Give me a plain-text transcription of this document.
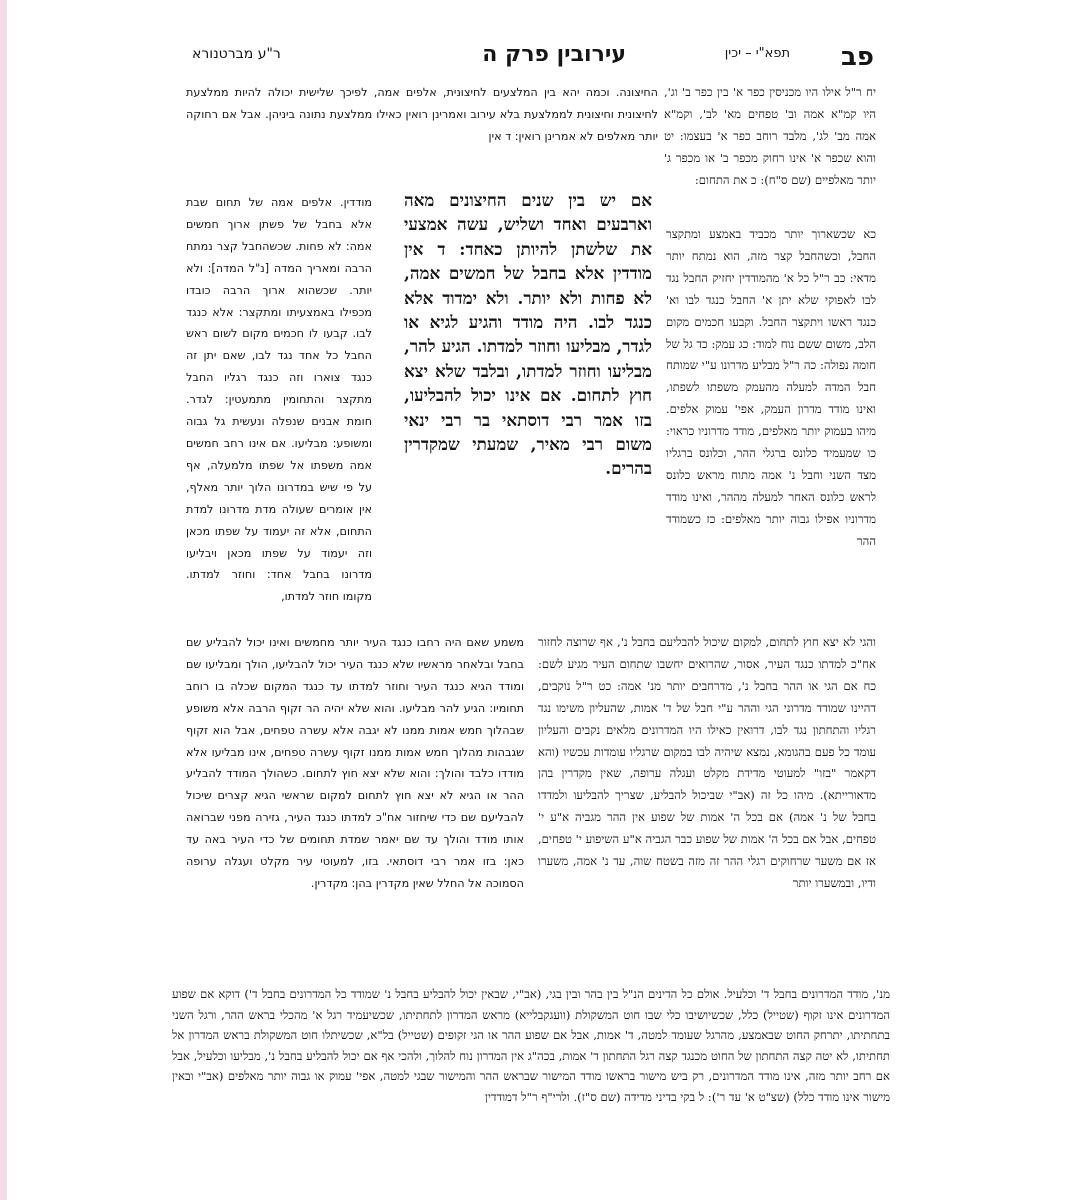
פב
תפא"י – יכין
עירובין פרק ה
ר"ע מברטנורא
יח ר"ל אילו היו מכניסין כפר א' בין כפר ב' וג', היו קמ"א אמה וב' טפחים מא' לב', וקמ"א אמה מב' לג', מלבד רוחב כפר א' בעצמו: יט והוא שכפר א' אינו רחוק מכפר ב' או מכפר ג' יותר מאלפיים (שם ס"ח): כ את התחום:
כא שכשארוך יותר מכביד באמצע ומתקצר החבל, וכשהחבל קצר מזה, הוא נמתח יותר מדאי: כב ר"ל כל א' מהמודדין יחזיק החבל נגד לבו לאפוקי שלא יתן א' החבל כנגד לבו וא' כנגד ראשו ויתקצר החבל. וקבעו חכמים מקום הלב, משום ששם נוח למוד: כג עמק: כד גל של חומה נפולה: כה ר"ל מבליע מדרונו ע"י שמותח חבל המדה למעלה מהעמק משפתו לשפתו, ואינו מודד מדרון העמק, אפי' עמוק אלפים. מיהו בעמוק יותר מאלפים, מודד מדרוניו כראוי: כו שמעמיד כלונס ברגלי ההר, וכלונס ברגליו מצד השני וחבל נ' אמה מתוח מראש כלונס לראש כלונס האחר למעלה מההר, ואינו מודד מדרוניו אפילו גבוה יותר מאלפים: כז כשמודד ההר
אם יש בין שנים החיצונים מאה וארבעים ואחד ושליש, עשה אמצעי את שלשתן להיותן כאחד: ד אין מודדין אלא בחבל של חמשים אמה, לא פחות ולא יותר. ולא ימדוד אלא כנגד לבו. היה מודד והגיע לגיא או לגדר, מבליעו וחוזר למדתו. הגיע להר, מבליעו וחוזר למדתו, ובלבד שלא יצא חוץ לתחום. אם אינו יכול להבליעו, בזו אמר רבי דוסתאי בר רבי ינאי משום רבי מאיר, שמעתי שמקדרין בהרים.
החיצונה. וכמה יהא בין המלצעים לחיצונית, אלפים אמה, לפיכך שלישית יכולה להיות ממלצעת לחיצונית וחיצונית לממלצעת בלא עירוב ואמרינן רואין כאילו ממלצעת נתונה ביניהן. אבל אם רחוקה יותר מאלפים לא אמרינן רואין: ד אין
מודדין. אלפים אמה של תחום שבת אלא בחבל של פשתן ארוך חמשים אמה: לא פחות. שכשהחבל קצר נמתח הרבה ומאריך המדה [נ"ל המדה]: ולא יותר. שכשהוא ארוך הרבה כובדו מכפילו באמצעיתו ומתקצר: אלא כנגד לבו. קבעו לו חכמים מקום לשום ראש החבל כל אחד נגד לבו, שאם יתן זה כנגד צוארו וזה כנגד רגליו החבל מתקצר והתחומין מתמעטין: לגדר. חומת אבנים שנפלה ונעשית גל גבוה ומשופע: מבליעו. אם אינו רחב חמשים אמה משפתו אל שפתו מלמעלה, אף על פי שיש במדרונו הלוך יותר מאלף, אין אומרים שעולה מדת מדרונו למדת התחום, אלא זה יעמוד על שפתו מכאן וזה יעמוד על שפתו מכאן ויבליעו מדרונו בחבל אחד: וחוזר למדתו. מקומו חוזר למדתו,
משמע שאם היה רחבו כנגד העיר יותר מחמשים ואינו יכול להבליע שם בחבל ובלאחר מראשיו שלא כנגד העיר יכול להבליעו, הולך ומבליעו שם ומודד הגיא כנגד העיר וחוזר למדתו עד כנגד המקום שכלה בו רוחב תחומיו: הגיע להר מבליעו. והוא שלא יהיה הר זקוף הרבה אלא משופע שבהלוך חמש אמות ממנו לא יגבה אלא עשרה טפחים, אבל הוא זקוף שגבהות מהלוך חמש אמות ממנו זקוף עשרה טפחים, אינו מבליעו אלא מודדו כלבד והולך: והוא שלא יצא חוץ לתחום. כשהולך המודד להבליע ההר או הגיא לא יצא חוץ לתחום למקום שראשי הגיא קצרים שיכול להבליעם שם כדי שיחזור אח"כ למדתו כנגד העיר, גזירה מפני שברואה אותו מודד והולך עד שם יאמר שמדת תחומים של כדי העיר באה עד כאן: בזו אמר רבי דוסתאי. בזו, למעוטי עיר מקלט ועגלה ערופה הסמוכה אל החלל שאין מקדרין בהן: מקדרין.
והגי לא יצא חוץ לתחום, למקום שיכול להבליעם בחבל נ', אף שרוצה לחזור אח"כ למדתו כנגד העיר, אסור, שהרואים יחשבו שתחום העיר מגיע לשם: כח אם הגי או ההר בחבל נ', מדרחבים יותר מנ' אמה: כט ר"ל נוקבים, דהיינו שמודד מדרוני הגי וההר ע"י חבל של ד' אמות, שהעליון משימו נגד רגליו והתחתון נגד לבו, דרואין כאילו היו המדרונים מלאים נקבים והעליון עומד כל פעם בהגומא, נמצא שיהיה לבו במקום שרגליו עומדות עכשיו (והא דקאמר "בזו" למעוטי מדידת מקלט ועגלה ערופה, שאין מקדרין בהן מדאורייתא). מיהו כל זה (אב"י שביכול להבליע, שצריך להבליעו ולמדדו בחבל של נ' אמה) אם בכל ה' אמות של שפוע אין ההר מגביה א"ע י' טפחים, אבל אם בכל ה' אמות של שפוע כבר הגביה א"ע השיפוע י' טפחים, אז אם משער שרחוקים רגלי ההר זה מזה בשטח שוה, עד נ' אמה, משערו ודיו, ובמשערו יותר
מנ', מודד המדרונים בחבל ד' וכלעיל. אולם כל הדינים הנ"ל בין בהר ובין בגי, (אב"י, שבאין יכול להבליע בחבל נ' שמודד כל המדרונים בחבל ד') דוקא אם שפוע המדרונים אינו זקוף (שטייל) כלל, שכשיושיבו כלי שבו חוט המשקולת (וועגקבלייא) מראש המדרון לתחתיתו, שכשיעמיד רגל א' מהכלי בראש ההר, ורגל השני בתחתיתו, יתרחק החוט שבאמצע, מהרגל שעומד למטה, ד' אמות, אבל אם שפוע ההר או הגי זקופים (שטייל) בל"א, שכשיתלו חוט המשקולת בראש המדרון אל תחתיתו, לא יטה קצה התחתון של החוט מכנגד קצה רגל התחתון ד' אמות, בכה"ג אין המדרון נוח להלוך, ולהכי אף אם יכול להבליע בחבל נ', מבליעו וכלעיל, אבל אם רחב יותר מזה, אינו מודד המדרונים, רק ביש מישור בראשו מודד המישור שבראש ההר והמישור שבגי למטה, אפי' עמוק או גבוה יותר מאלפים (אב"י ובאין מישור אינו מודד כלל) (שצ"ט א' עד ר'): ל בקי בדיני מדידה (שם ס"ז). ולרי"ף ר"ל דמודדין
